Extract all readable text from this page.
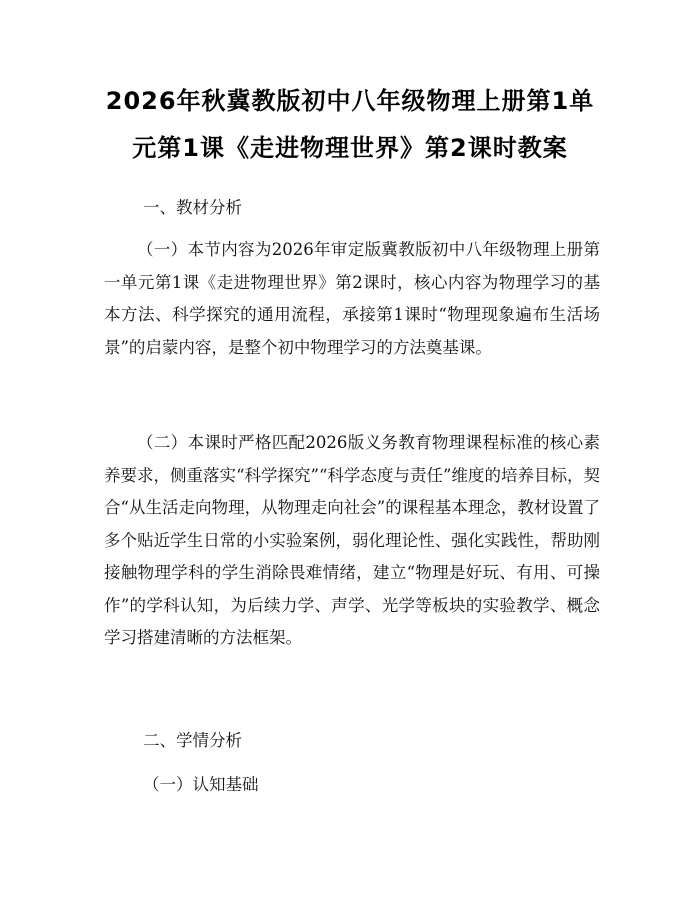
2026年秋冀教版初中八年级物理上册第1单
元第1课《走进物理世界》第2课时教案
一、教材分析

（一）本节内容为2026年审定版冀教版初中八年级物理上册第一单元第1课《走进物理世界》第2课时，核心内容为物理学习的基本方法、科学探究的通用流程，承接第1课时“物理现象遍布生活场景”的启蒙内容，是整个初中物理学习的方法奠基课。

（二）本课时严格匹配2026版义务教育物理课程标准的核心素养要求，侧重落实“科学探究”“科学态度与责任”维度的培养目标，契合“从生活走向物理，从物理走向社会”的课程基本理念，教材设置了多个贴近学生日常的小实验案例，弱化理论性、强化实践性，帮助刚接触物理学科的学生消除畏难情绪，建立“物理是好玩、有用、可操作”的学科认知，为后续力学、声学、光学等板块的实验教学、概念学习搭建清晰的方法框架。

二、学情分析
（一）认知基础
